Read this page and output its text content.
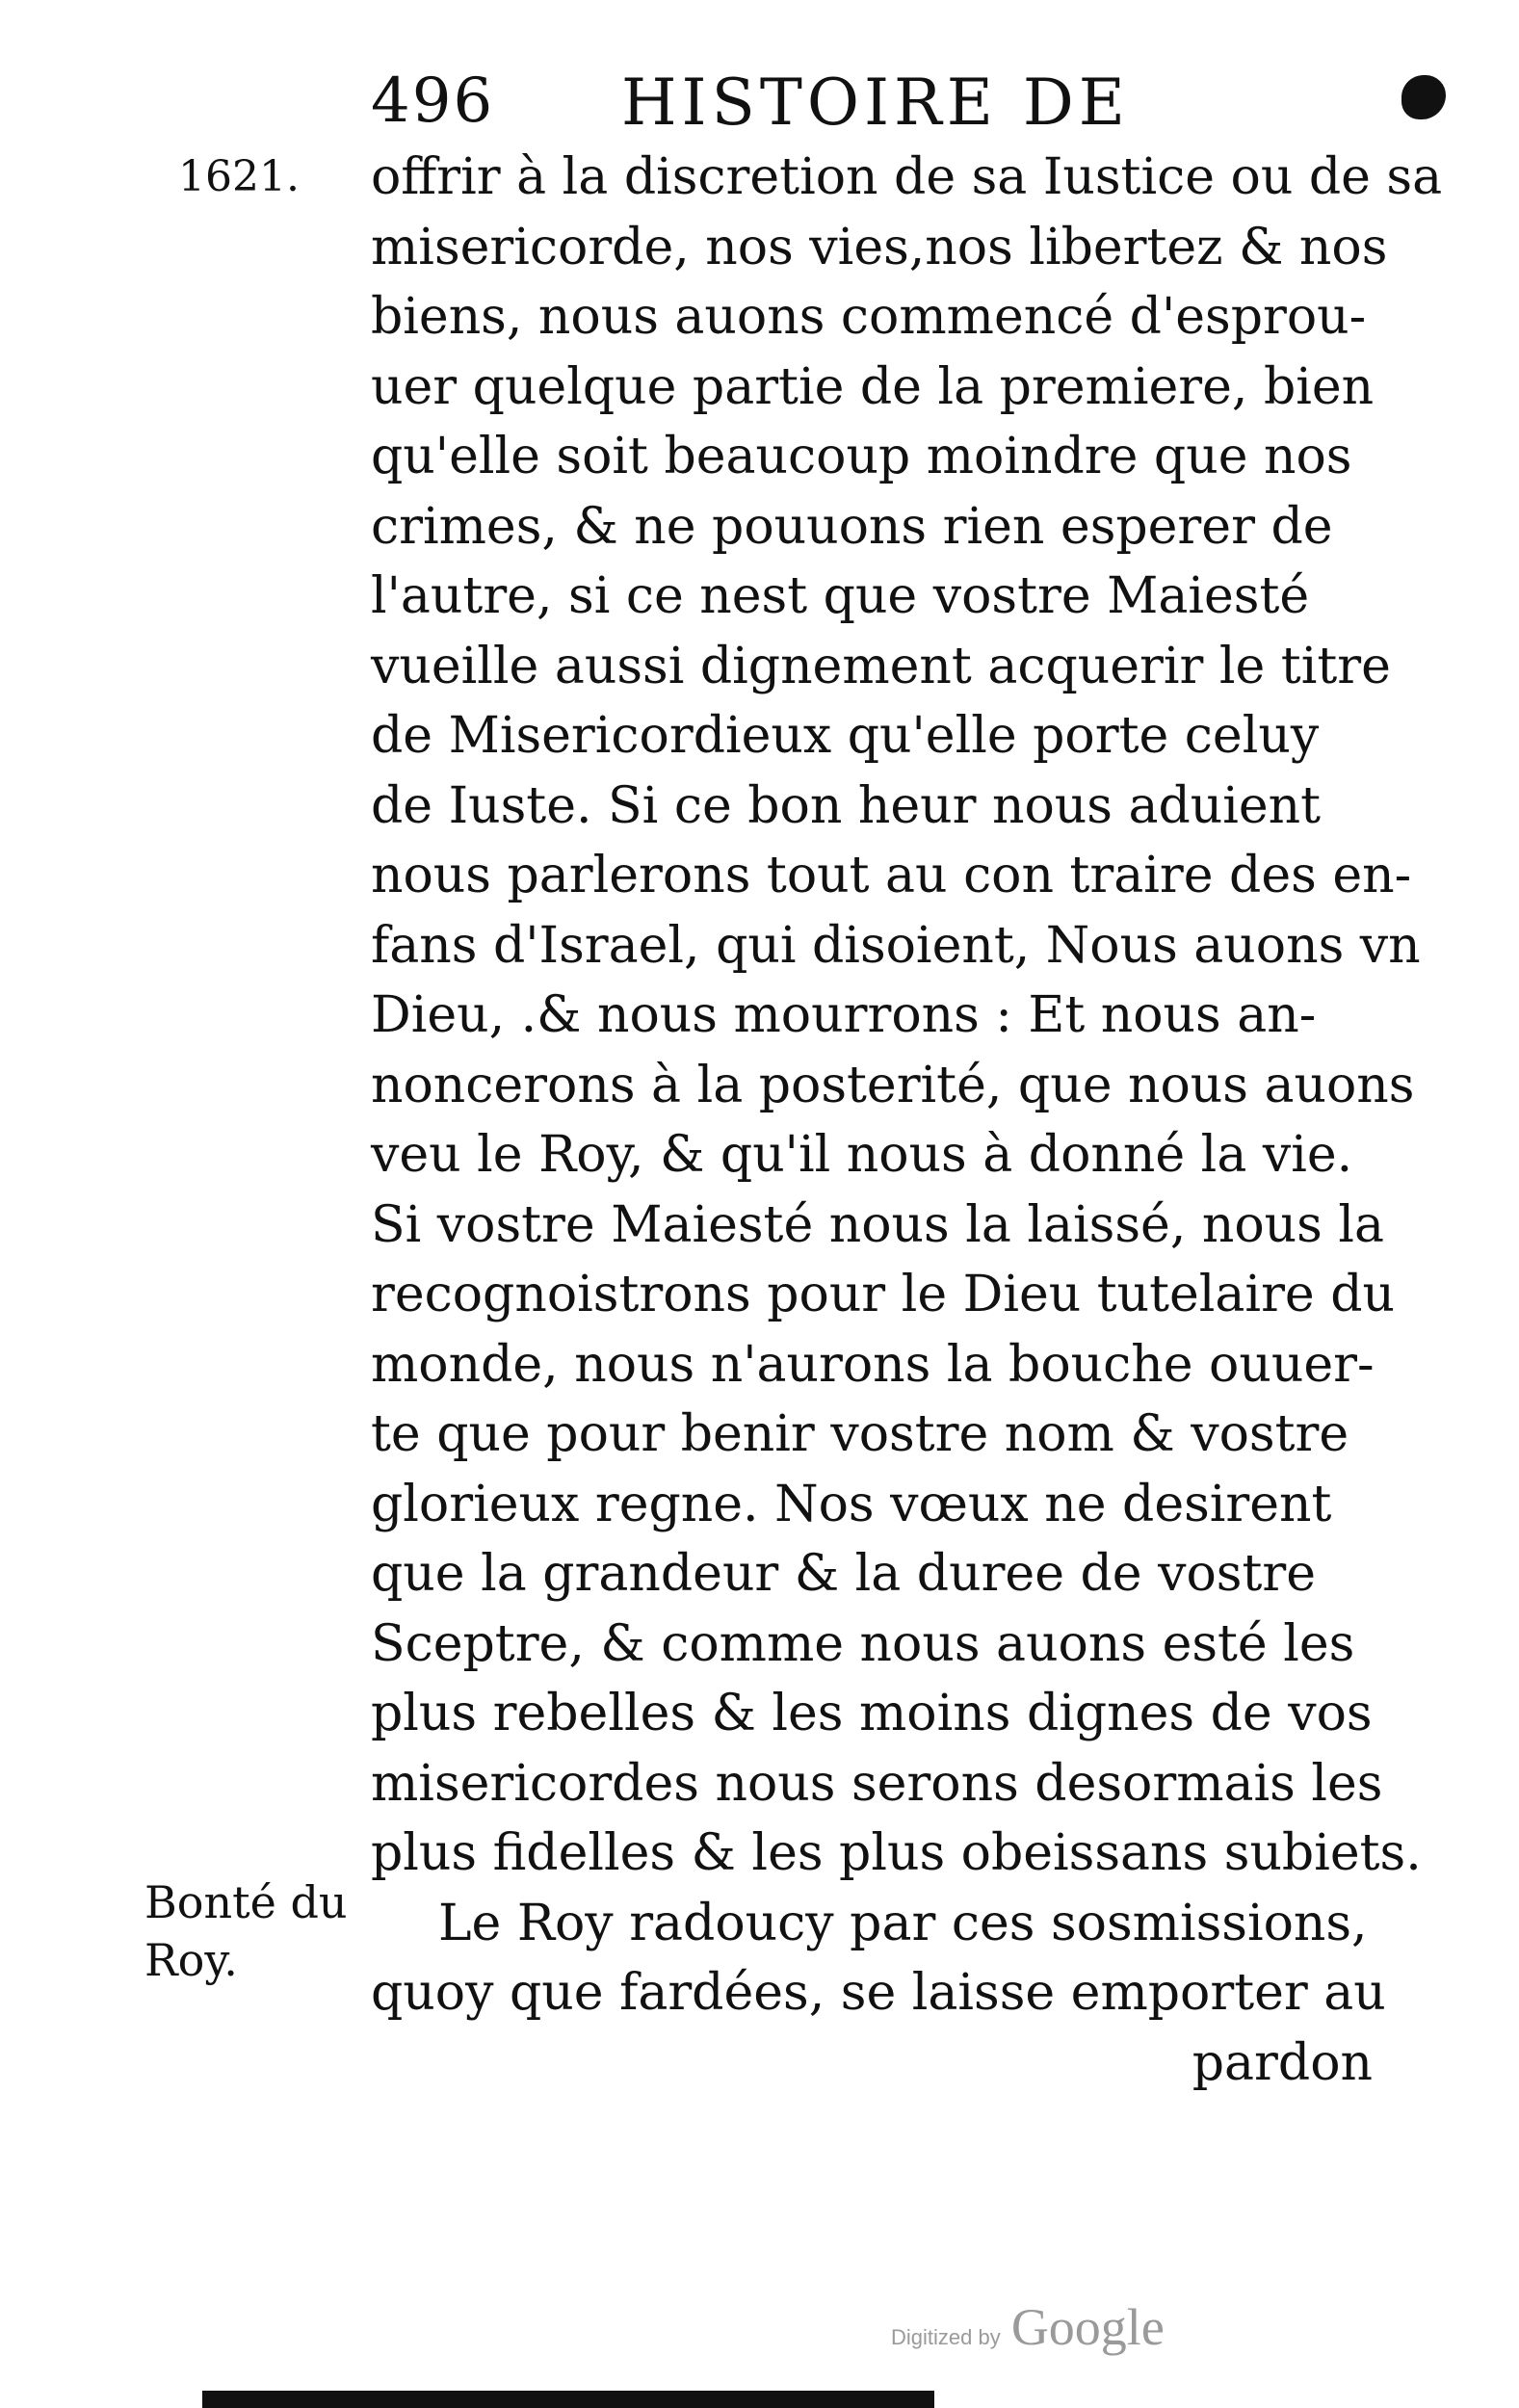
496 HISTOIRE DE
1621. offrir à la discretion de sa Iustice ou de sa
misericorde, nos vies,nos libertez & nos
biens, nous auons commencé d'esprou-
uer quelque partie de la premiere, bien
qu'elle soit beaucoup moindre que nos
crimes, & ne pouuons rien esperer de
l'autre, si ce nest que vostre Maiesté
vueille aussi dignement acquerir le titre
de Misericordieux qu'elle porte celuy
de Iuste. Si ce bon heur nous aduient
nous parlerons tout au con traire des en-
fans d'Israel, qui disoient, Nous auons vn
Dieu, .& nous mourrons : Et nous an-
noncerons à la posterité, que nous auons
veu le Roy, & qu'il nous à donné la vie.
Si vostre Maiesté nous la laissé, nous la
recognoistrons pour le Dieu tutelaire du
monde, nous n'aurons la bouche ouuer-
te que pour benir vostre nom & vostre
glorieux regne. Nos vœux ne desirent
que la grandeur & la duree de vostre
Sceptre, & comme nous auons esté les
plus rebelles & les moins dignes de vos
misericordes nous serons desormais les
plus fidelles & les plus obeissans subiets.
Le Roy radoucy par ces sosmissions,
quoy que fardées, se laisse emporter au
pardon
Bonté du
Roy.
Digitized by Google
